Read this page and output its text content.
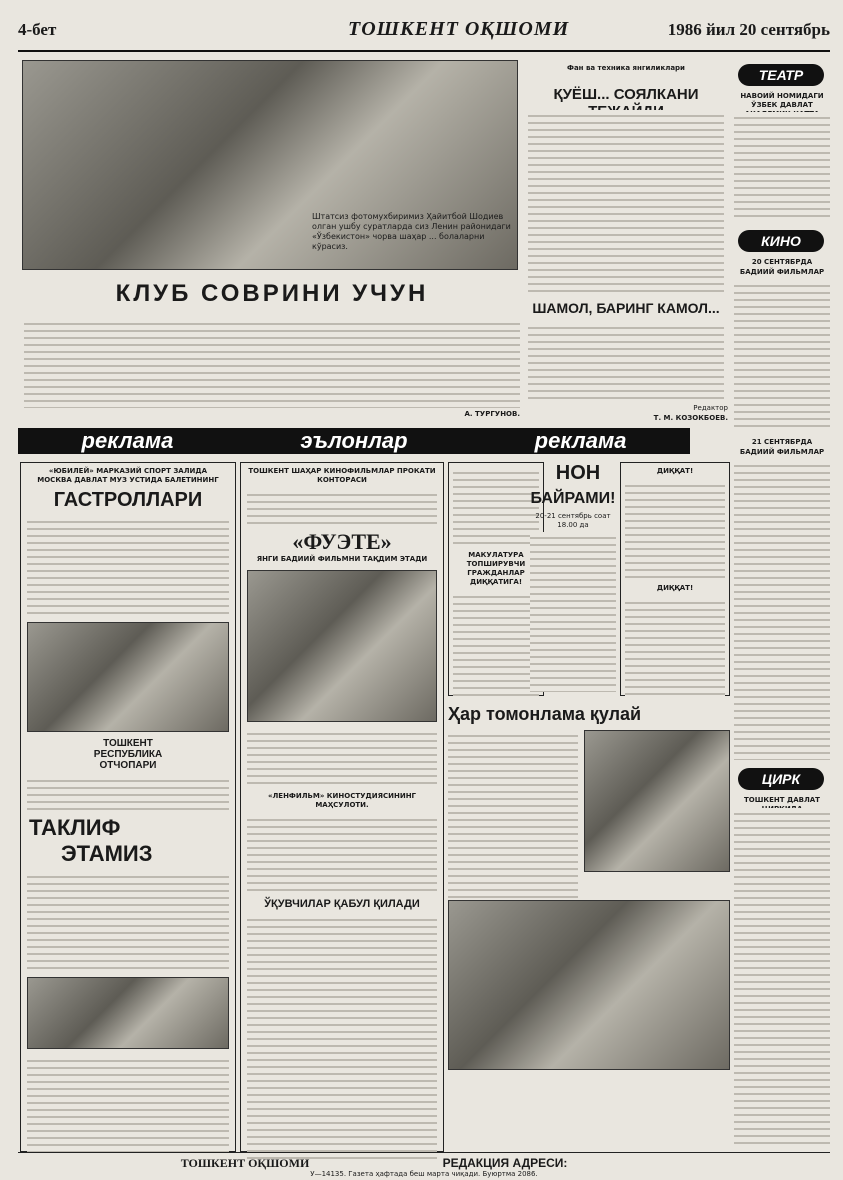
4-бет	ТОШКЕНТ ОҚШОМИ	1986 йил 20 сентябрь
Штатсиз фотомухбиримиз Ҳайитбой Шодиев олган ушбу суратларда сиз Ленин районидаги «Ўзбекистон» чорва шаҳар ... болаларни кўрасиз.
Фан ва техника янгиликлари
ҚУЁШ... СОЯЛКАНИ
ШАМОЛ, БАРИНГ КАМОЛ...
Редактор
Т. М. КОЗОКБОЕВ.
ТЕАТР
НАВОИЙ НОМИДАГИ ЎЗБЕК ДАВЛАТ
КИНО
20 СЕНТЯБРДА
БАДИИЙ ФИЛЬМЛАР
21 СЕНТЯБРДА
БАДИИЙ ФИЛЬМЛАР
ЦИРК
ТОШКЕНТ ДАВЛАТ
КЛУБ СОВРИНИ УЧУН
А. ТУРГУНОВ.
реклама	эълонлар	реклама
«ЮБИЛЕЙ» МАРКАЗИЙ СПОРТ ЗАЛИДА
МОСКВА ДАВЛАТ МУЗ УСТИДА БАЛЕТИНИНГ
ГАСТРОЛЛАРИ
ТОШКЕНТ
РЕСПУБЛИКА
ОТЧОПАРИ
ТАКЛИФ
ЭТАМИЗ
ТОШКЕНТ ШАҲАР КИНОФИЛЬМЛАР ПРОКАТИ КОНТОРАСИ
«ФУЭТЕ»
ЯНГИ БАДИИЙ ФИЛЬМНИ ТАҚДИМ ЭТАДИ
«ЛЕНФИЛЬМ» КИНОСТУДИЯСИНИНГ МАҲСУЛОТИ.
ЎҚУВЧИЛАР ҚАБУЛ ҚИЛАДИ
МАКУЛАТУРА ТОПШИРУВЧИ ГРАЖДАНЛАР ДИҚҚАТИГА!
НОН
БАЙРАМИ!
20-21 сентябрь соат 18.00 да
ДИҚҚАТ!
ДИҚҚАТ!
Ҳар томонлама қулай
ТОШКЕНТ ОҚШОМИ	РЕДАКЦИЯ АДРЕСИ:
У—14135. Газета ҳафтада беш марта чиқади. Буюртма 2086.
